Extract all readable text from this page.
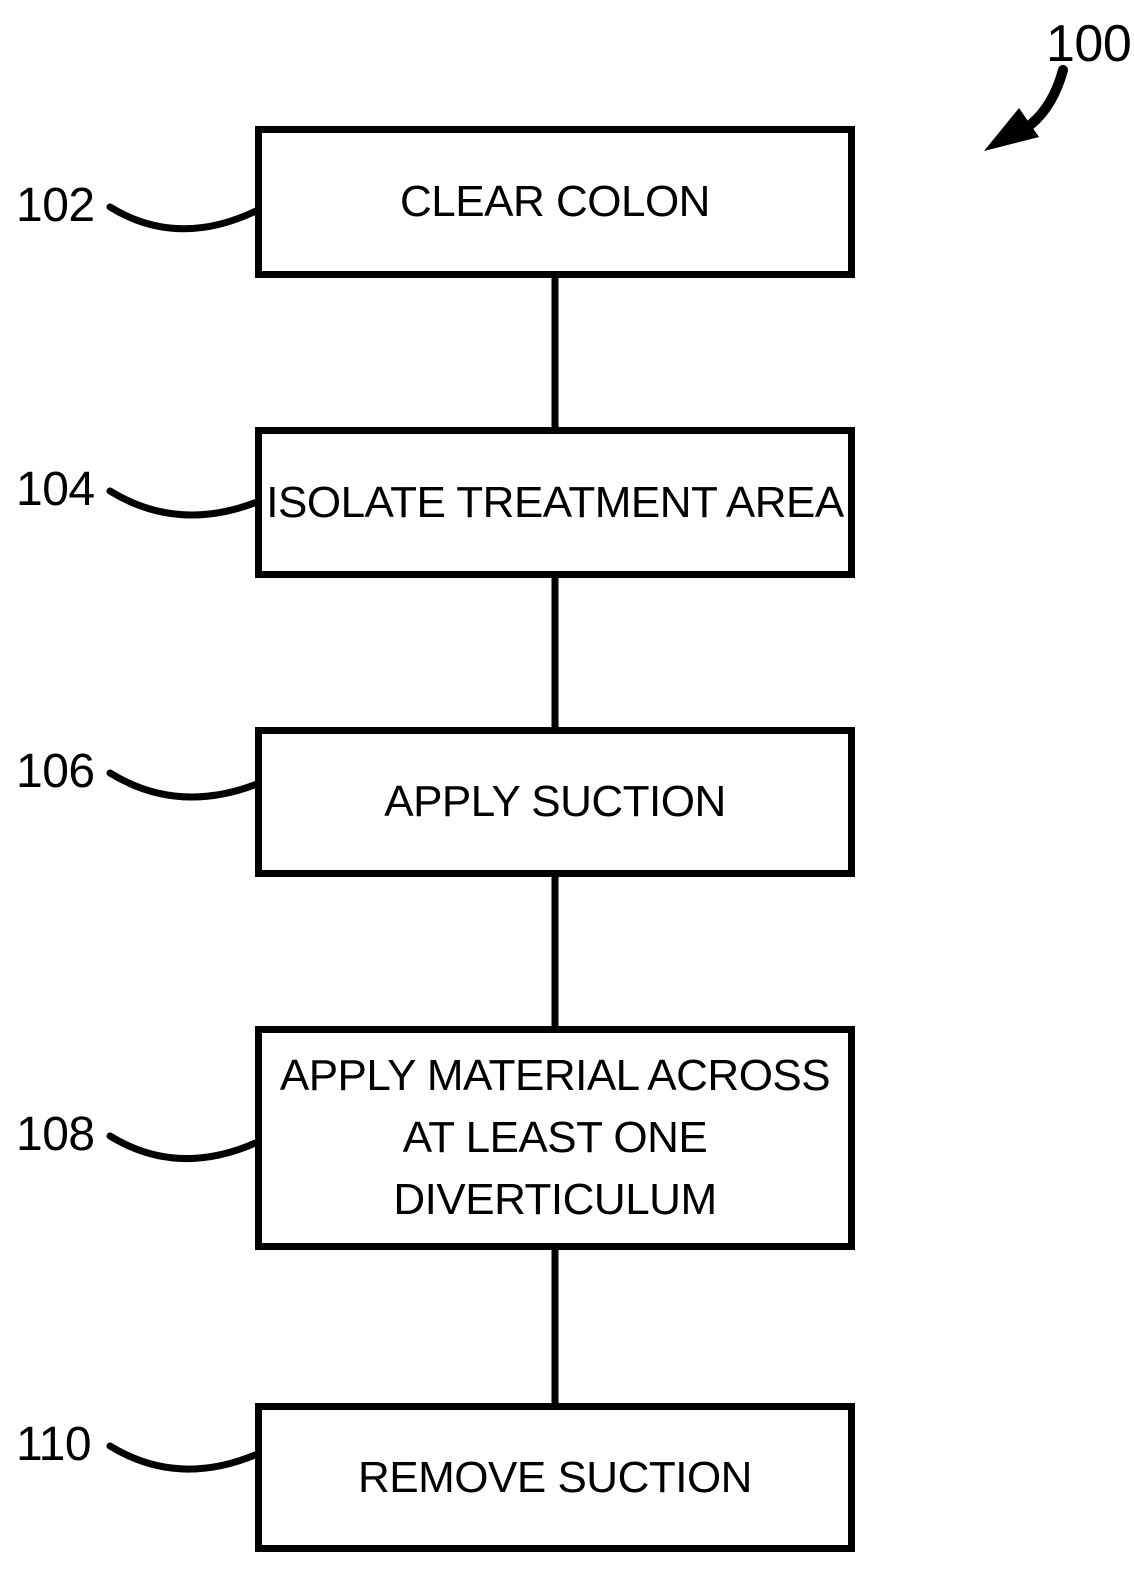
100
102
104
106
108
110
CLEAR COLON
ISOLATE TREATMENT AREA
APPLY SUCTION
APPLY MATERIAL ACROSS
AT LEAST ONE
DIVERTICULUM
REMOVE SUCTION
